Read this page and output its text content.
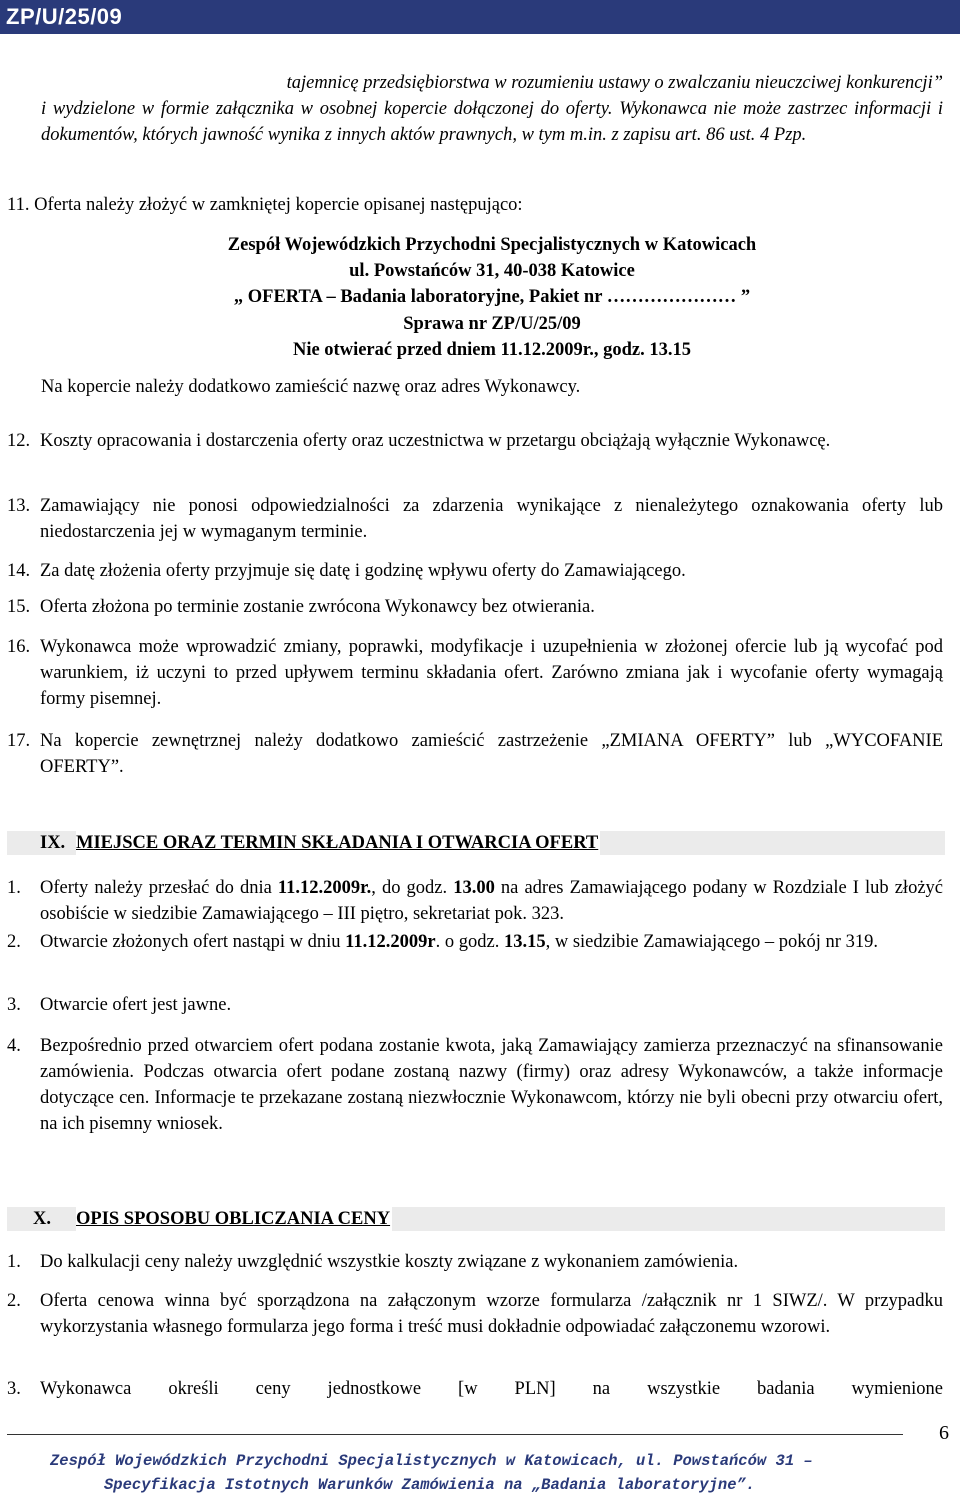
ZP/U/25/09
tajemnicę przedsiębiorstwa w rozumieniu ustawy o zwalczaniu nieuczciwej konkurencji”
i wydzielone w formie załącznika w osobnej kopercie dołączonej do oferty. Wykonawca nie może zastrzec informacji i dokumentów, których jawność wynika z innych aktów prawnych, w tym m.in. z zapisu art. 86 ust. 4 Pzp.
11. Oferta należy złożyć w zamkniętej kopercie opisanej następująco:
Zespół Wojewódzkich Przychodni Specjalistycznych w Katowicach
ul. Powstańców 31, 40-038 Katowice
„ OFERTA – Badania laboratoryjne, Pakiet nr ………………… ”
Sprawa nr ZP/U/25/09
Nie otwierać przed dniem 11.12.2009r., godz. 13.15
Na kopercie należy dodatkowo zamieścić nazwę oraz adres Wykonawcy.
12. Koszty opracowania i dostarczenia oferty oraz uczestnictwa w przetargu obciążają wyłącznie Wykonawcę.
13. Zamawiający nie ponosi odpowiedzialności za zdarzenia wynikające z nienależytego oznakowania oferty lub niedostarczenia jej w wymaganym terminie.
14. Za datę złożenia oferty przyjmuje się datę i godzinę wpływu oferty do Zamawiającego.
15. Oferta złożona po terminie zostanie zwrócona Wykonawcy bez otwierania.
16. Wykonawca może wprowadzić zmiany, poprawki, modyfikacje i uzupełnienia w złożonej ofercie lub ją wycofać pod warunkiem, iż uczyni to przed upływem terminu składania ofert. Zarówno zmiana jak i wycofanie oferty wymagają formy pisemnej.
17. Na kopercie zewnętrznej należy dodatkowo zamieścić zastrzeżenie „ZMIANA OFERTY” lub „WYCOFANIE OFERTY”.
IX. MIEJSCE ORAZ TERMIN SKŁADANIA I OTWARCIA OFERT
1. Oferty należy przesłać do dnia 11.12.2009r., do godz. 13.00 na adres Zamawiającego podany w Rozdziale I lub złożyć osobiście w siedzibie Zamawiającego – III piętro, sekretariat pok. 323.
2. Otwarcie złożonych ofert nastąpi w dniu 11.12.2009r. o godz. 13.15, w siedzibie Zamawiającego – pokój nr 319.
3. Otwarcie ofert jest jawne.
4. Bezpośrednio przed otwarciem ofert podana zostanie kwota, jaką Zamawiający zamierza przeznaczyć na sfinansowanie zamówienia. Podczas otwarcia ofert podane zostaną nazwy (firmy) oraz adresy Wykonawców, a także informacje dotyczące cen. Informacje te przekazane zostaną niezwłocznie Wykonawcom, którzy nie byli obecni przy otwarciu ofert, na ich pisemny wniosek.
X. OPIS SPOSOBU OBLICZANIA CENY
1. Do kalkulacji ceny należy uwzględnić wszystkie koszty związane z wykonaniem zamówienia.
2. Oferta cenowa winna być sporządzona na załączonym wzorze formularza /załącznik nr 1 SIWZ/. W przypadku wykorzystania własnego formularza jego forma i treść musi dokładnie odpowiadać załączonemu wzorowi.
3. Wykonawca określi ceny jednostkowe [w PLN] na wszystkie badania wymienione
6
Zespół Wojewódzkich Przychodni Specjalistycznych w Katowicach, ul. Powstańców 31 –
Specyfikacja Istotnych Warunków Zamówienia na „Badania laboratoryjne”.
